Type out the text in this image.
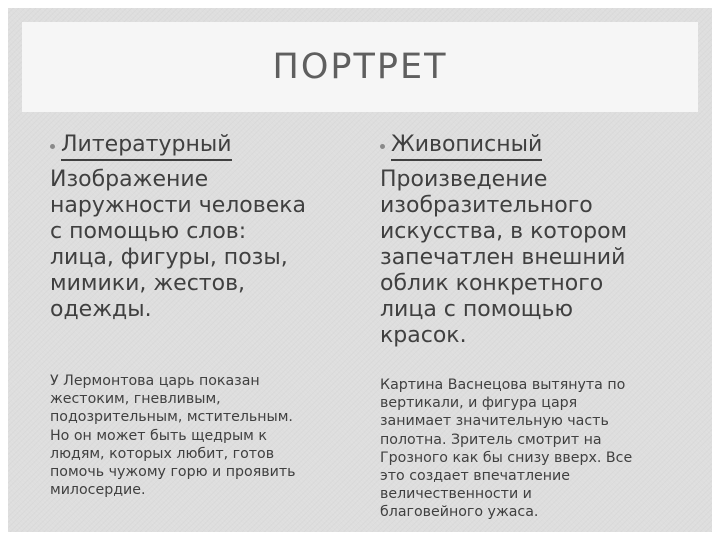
ПОРТРЕТ
Литературный
Изображение
наружности человека
с помощью слов:
лица, фигуры, позы,
мимики, жестов,
одежды.
Живописный
Произведение
изобразительного
искусства, в котором
запечатлен внешний
облик конкретного
лица с помощью
красок.
У Лермонтова царь показан
жестоким, гневливым,
подозрительным, мстительным.
Но он может быть щедрым к
людям, которых любит, готов
помочь чужому горю и проявить
милосердие.
Картина Васнецова вытянута по
вертикали, и фигура царя
занимает значительную часть
полотна. Зритель смотрит на
Грозного как бы снизу вверх. Все
это создает впечатление
величественности и
благовейного ужаса.
